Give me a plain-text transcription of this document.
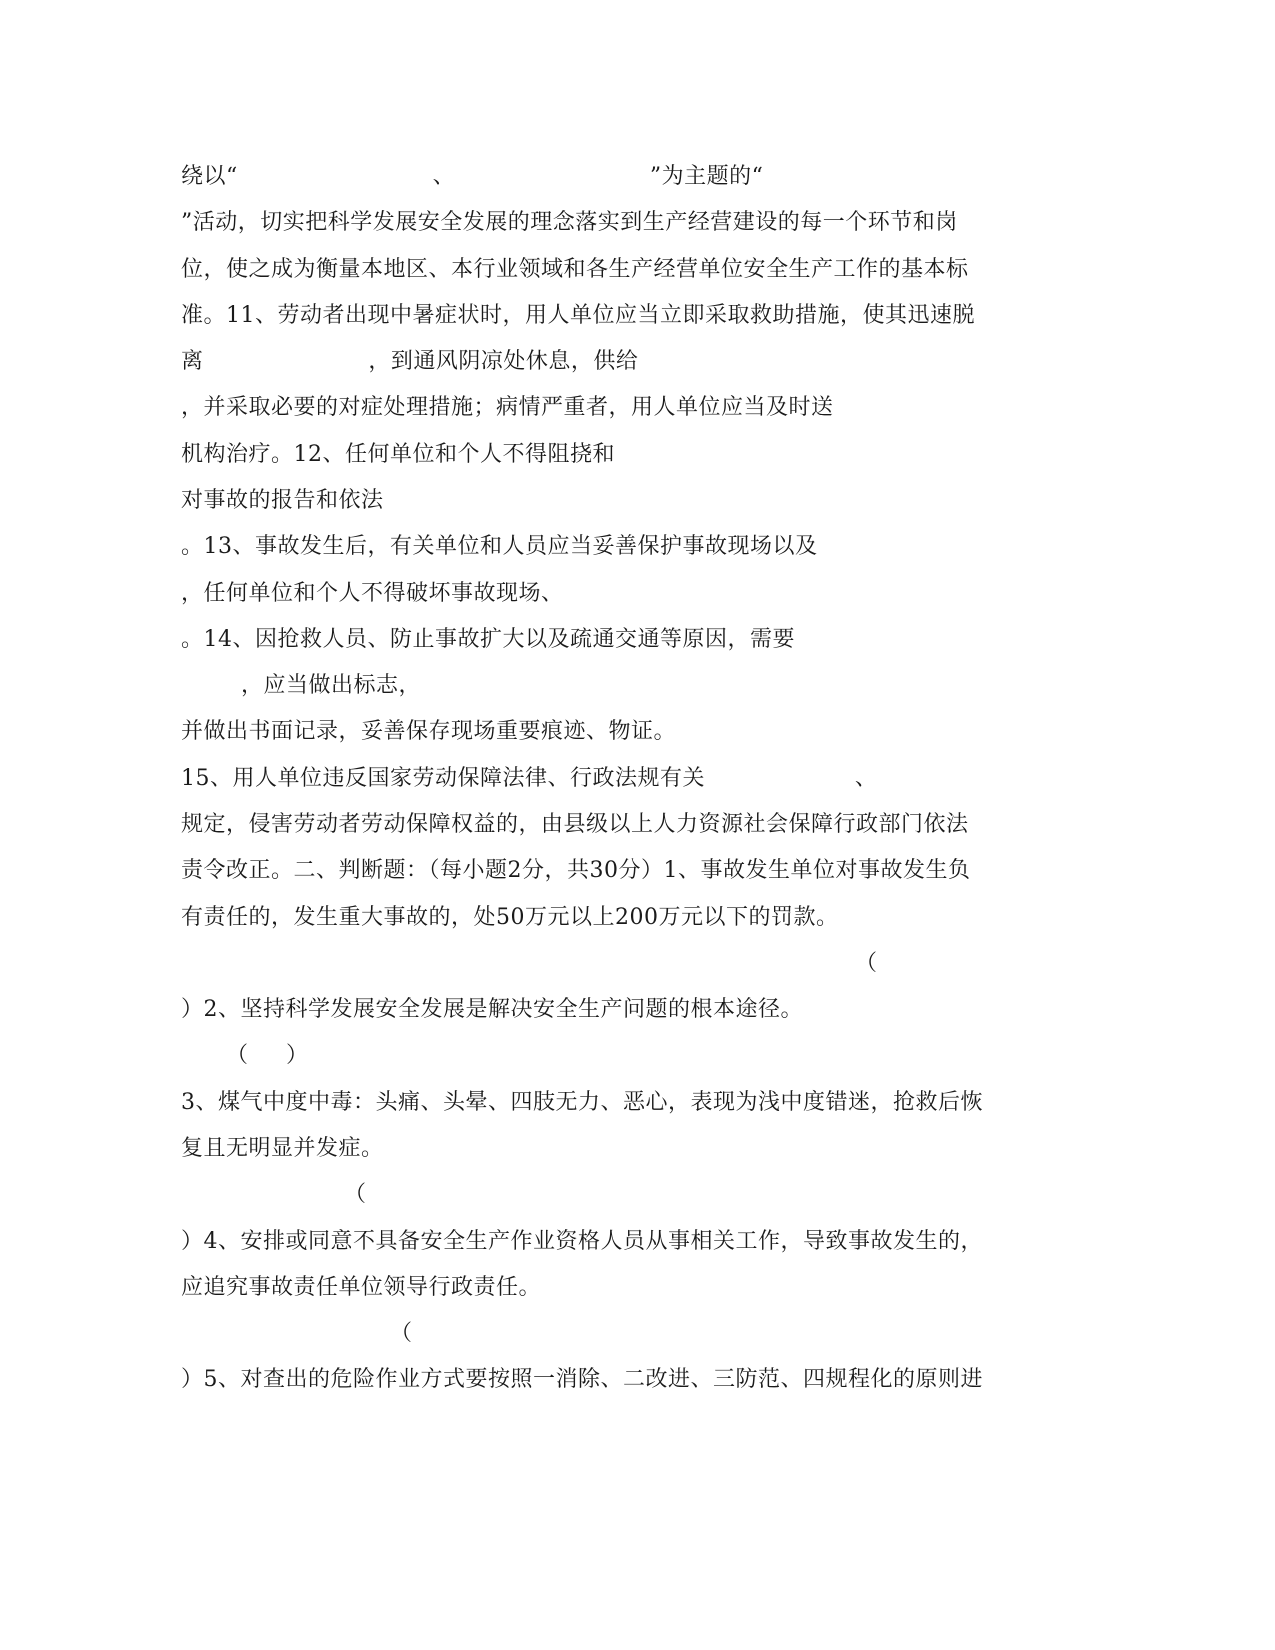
绕以“                          、                          ”为主题的“
”活动，切实把科学发展安全发展的理念落实到生产经营建设的每一个环节和岗
位，使之成为衡量本地区、本行业领域和各生产经营单位安全生产工作的基本标
准。11、劳动者出现中暑症状时，用人单位应当立即采取救助措施，使其迅速脱
离                      ，到通风阴凉处休息，供给
，并采取必要的对症处理措施；病情严重者，用人单位应当及时送
机构治疗。12、任何单位和个人不得阻挠和
对事故的报告和依法
。13、事故发生后，有关单位和人员应当妥善保护事故现场以及
，任何单位和个人不得破坏事故现场、
。14、因抢救人员、防止事故扩大以及疏通交通等原因，需要
，应当做出标志，
并做出书面记录，妥善保存现场重要痕迹、物证。
15、用人单位违反国家劳动保障法律、行政法规有关                    、
规定，侵害劳动者劳动保障权益的，由县级以上人力资源社会保障行政部门依法
责令改正。二、判断题：（每小题2分，共30分）1、事故发生单位对事故发生负
有责任的，发生重大事故的，处50万元以上200万元以下的罚款。
（
）2、坚持科学发展安全发展是解决安全生产问题的根本途径。
（     ）
3、煤气中度中毒：头痛、头晕、四肢无力、恶心，表现为浅中度错迷，抢救后恢
复且无明显并发症。
（
）4、安排或同意不具备安全生产作业资格人员从事相关工作，导致事故发生的，
应追究事故责任单位领导行政责任。
（
）5、对查出的危险作业方式要按照一消除、二改进、三防范、四规程化的原则进
